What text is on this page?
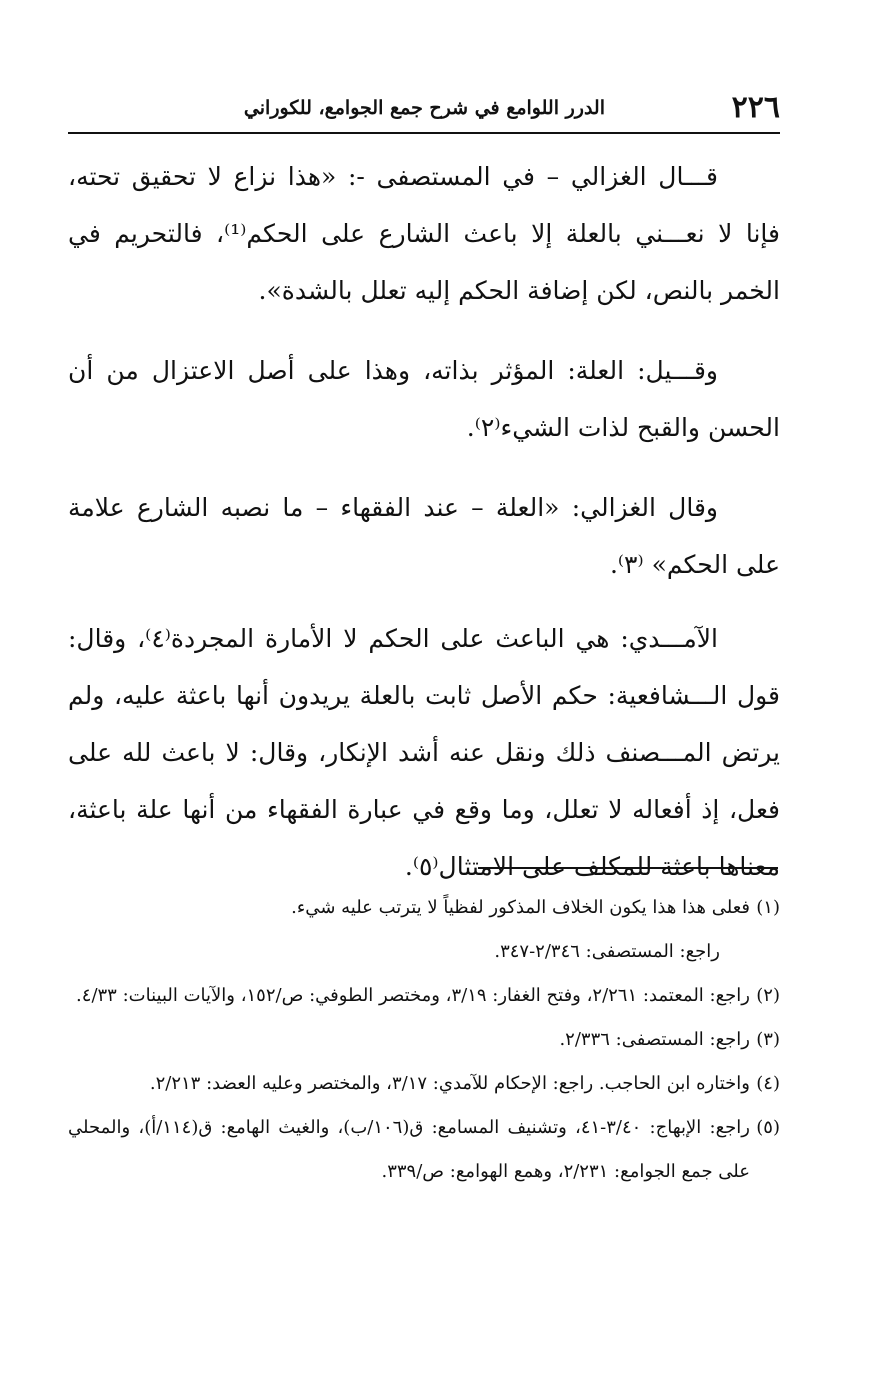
٢٢٦
الدرر اللوامع في شرح جمع الجوامع، للكوراني

قـــال الغزالي – في المستصفى -: «هذا نزاع لا تحقيق تحته، فإنا لا نعـــني بالعلة إلا باعث الشارع على الحكم⁽¹⁾، فالتحريم في الخمر بالنص، لكن إضافة الحكم إليه تعلل بالشدة».

وقـــيل: العلة: المؤثر بذاته، وهذا على أصل الاعتزال من أن الحسن والقبح لذات الشيء⁽٢⁾.

وقال الغزالي: «العلة – عند الفقهاء – ما نصبه الشارع علامة على الحكم» ⁽٣⁾.

الآمـــدي: هي الباعث على الحكم لا الأمارة المجردة⁽٤⁾، وقال: قول الـــشافعية: حكم الأصل ثابت بالعلة يريدون أنها باعثة عليه، ولم يرتض المـــصنف ذلك ونقل عنه أشد الإنكار، وقال: لا باعث لله على فعل، إذ أفعاله لا تعلل، وما وقع في عبارة الفقهاء من أنها علة باعثة، معناها باعثة للمكلف على الامتثال⁽٥⁾.

(١)
فعلى هذا هذا يكون الخلاف المذكور لفظياً لا يترتب عليه شيء.
راجع: المستصفى: ٢/٣٤٦-٣٤٧.
(٢)
راجع: المعتمد: ٢/٢٦١، وفتح الغفار: ٣/١٩، ومختصر الطوفي: ص/١٥٢، والآيات البينات: ٤/٣٣.
(٣)
راجع: المستصفى: ٢/٣٣٦.
(٤)
واختاره ابن الحاجب. راجع: الإحكام للآمدي: ٣/١٧، والمختصر وعليه العضد: ٢/٢١٣.
(٥)
راجع: الإبهاج: ٣/٤٠-٤١، وتشنيف المسامع: ق(١٠٦/ب)، والغيث الهامع: ق(١١٤/أ)، والمحلي على جمع الجوامع: ٢/٢٣١، وهمع الهوامع: ص/٣٣٩.
